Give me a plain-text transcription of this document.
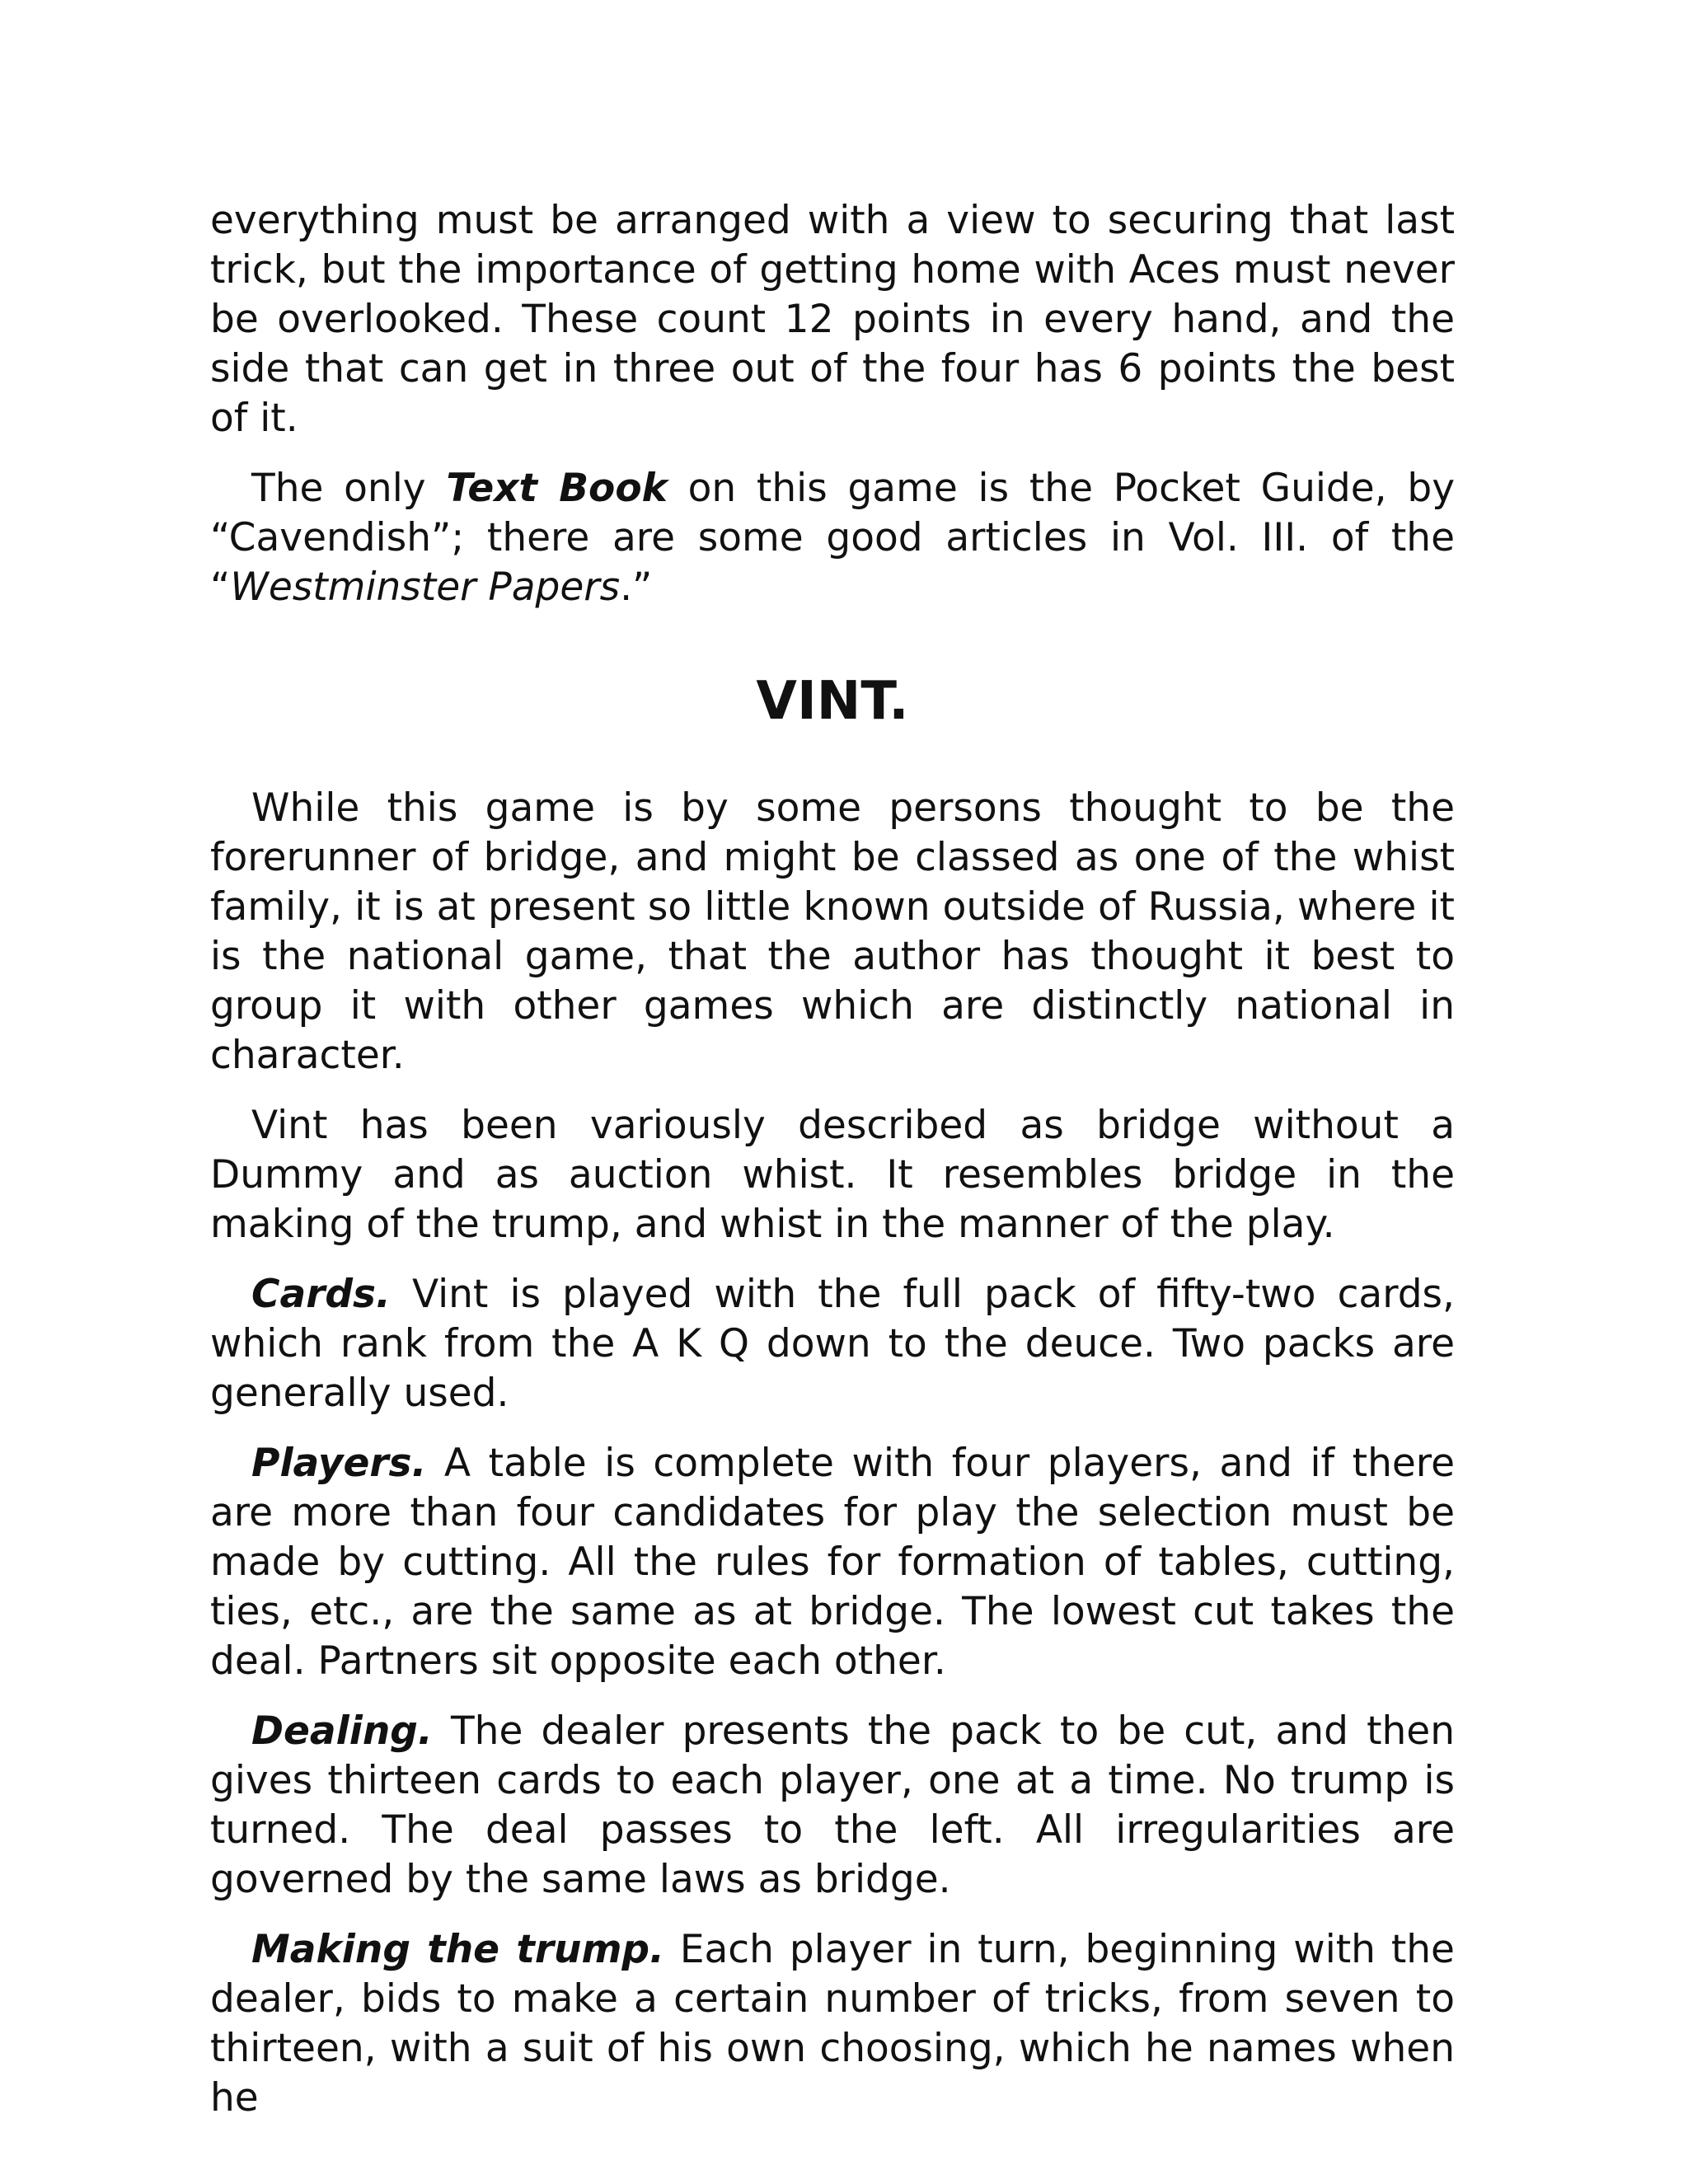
everything must be arranged with a view to securing that last trick, but the importance of getting home with Aces must never be overlooked. These count 12 points in every hand, and the side that can get in three out of the four has 6 points the best of it.

The only Text Book on this game is the Pocket Guide, by “Cavendish”; there are some good articles in Vol. III. of the “Westminster Papers.”

VINT.

While this game is by some persons thought to be the forerunner of bridge, and might be classed as one of the whist family, it is at present so little known outside of Russia, where it is the national game, that the author has thought it best to group it with other games which are distinctly national in character.

Vint has been variously described as bridge without a Dummy and as auction whist. It resembles bridge in the making of the trump, and whist in the manner of the play.

Cards. Vint is played with the full pack of fifty-two cards, which rank from the A K Q down to the deuce. Two packs are generally used.

Players. A table is complete with four players, and if there are more than four candidates for play the selection must be made by cutting. All the rules for formation of tables, cutting, ties, etc., are the same as at bridge. The lowest cut takes the deal. Partners sit opposite each other.

Dealing. The dealer presents the pack to be cut, and then gives thirteen cards to each player, one at a time. No trump is turned. The deal passes to the left. All irregularities are governed by the same laws as bridge.

Making the trump. Each player in turn, beginning with the dealer, bids to make a certain number of tricks, from seven to thirteen, with a suit of his own choosing, which he names when he
